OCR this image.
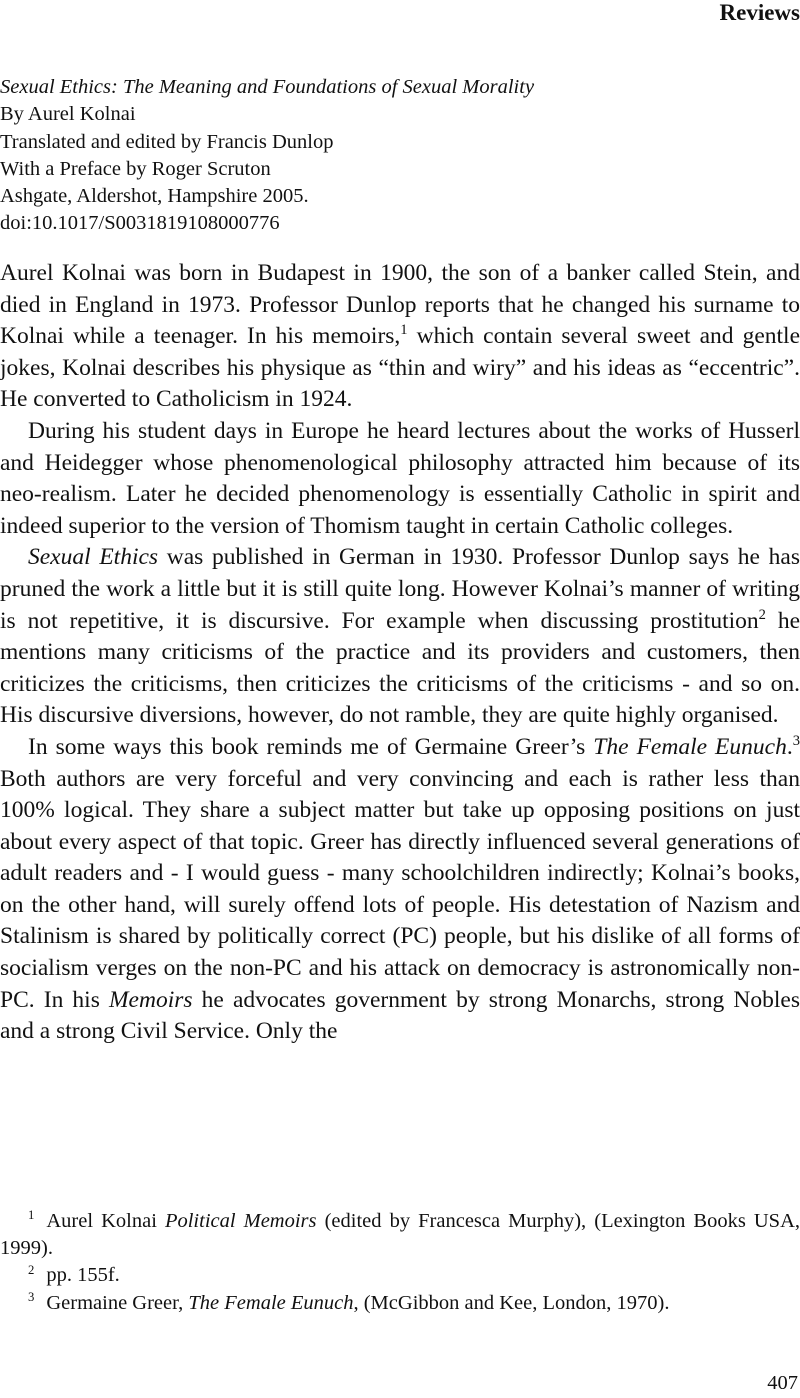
Reviews
Sexual Ethics: The Meaning and Foundations of Sexual Morality
By Aurel Kolnai
Translated and edited by Francis Dunlop
With a Preface by Roger Scruton
Ashgate, Aldershot, Hampshire 2005.
doi:10.1017/S0031819108000776

Aurel Kolnai was born in Budapest in 1900, the son of a banker called Stein, and died in England in 1973. Professor Dunlop reports that he changed his surname to Kolnai while a teenager. In his memoirs,$^1$ which contain several sweet and gentle jokes, Kolnai describes his physique as “thin and wiry” and his ideas as “eccentric”. He converted to Catholicism in 1924.

During his student days in Europe he heard lectures about the works of Husserl and Heidegger whose phenomenological philosophy attracted him because of its neo-realism. Later he decided phenomenology is essentially Catholic in spirit and indeed superior to the version of Thomism taught in certain Catholic colleges.

Sexual Ethics was published in German in 1930. Professor Dunlop says he has pruned the work a little but it is still quite long. However Kolnai’s manner of writing is not repetitive, it is discursive. For example when discussing prostitution$^2$ he mentions many criticisms of the practice and its providers and customers, then criticizes the criticisms, then criticizes the criticisms of the criticisms - and so on. His discursive diversions, however, do not ramble, they are quite highly organised.

In some ways this book reminds me of Germaine Greer’s The Female Eunuch.$^3$ Both authors are very forceful and very convincing and each is rather less than 100% logical. They share a subject matter but take up opposing positions on just about every aspect of that topic. Greer has directly influenced several generations of adult readers and - I would guess - many schoolchildren indirectly; Kolnai’s books, on the other hand, will surely offend lots of people. His detestation of Nazism and Stalinism is shared by politically correct (PC) people, but his dislike of all forms of socialism verges on the non-PC and his attack on democracy is astronomically non-PC. In his Memoirs he advocates government by strong Monarchs, strong Nobles and a strong Civil Service. Only the

$^1$ Aurel Kolnai Political Memoirs (edited by Francesca Murphy), (Lexington Books USA, 1999).

$^2$ pp. 155f.

$^3$ Germaine Greer, The Female Eunuch, (McGibbon and Kee, London, 1970).

407
